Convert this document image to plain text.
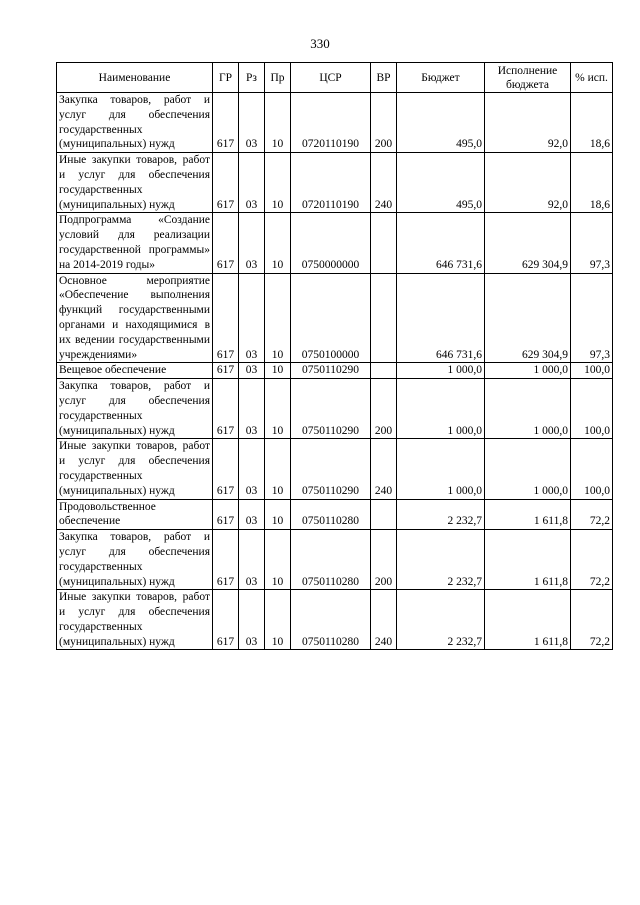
330
Наименование	ГР	Рз	Пр	ЦСР	ВР	Бюджет	Исполнение бюджета	% исп.
Закупка товаров, работ и услуг для обеспечения государственных (муниципальных) нужд	617	03	10	0720110190	200	495,0	92,0	18,6
Иные закупки товаров, работ и услуг для обеспечения государственных (муниципальных) нужд	617	03	10	0720110190	240	495,0	92,0	18,6
Подпрограмма «Создание условий для реализации государственной программы» на 2014-2019 годы»	617	03	10	0750000000		646 731,6	629 304,9	97,3
Основное мероприятие «Обеспечение выполнения функций государственными органами и находящимися в их ведении государственными учреждениями»	617	03	10	0750100000		646 731,6	629 304,9	97,3
Вещевое обеспечение	617	03	10	0750110290		1 000,0	1 000,0	100,0
Закупка товаров, работ и услуг для обеспечения государственных (муниципальных) нужд	617	03	10	0750110290	200	1 000,0	1 000,0	100,0
Иные закупки товаров, работ и услуг для обеспечения государственных (муниципальных) нужд	617	03	10	0750110290	240	1 000,0	1 000,0	100,0
Продовольственное обеспечение	617	03	10	0750110280		2 232,7	1 611,8	72,2
Закупка товаров, работ и услуг для обеспечения государственных (муниципальных) нужд	617	03	10	0750110280	200	2 232,7	1 611,8	72,2
Иные закупки товаров, работ и услуг для обеспечения государственных (муниципальных) нужд	617	03	10	0750110280	240	2 232,7	1 611,8	72,2
